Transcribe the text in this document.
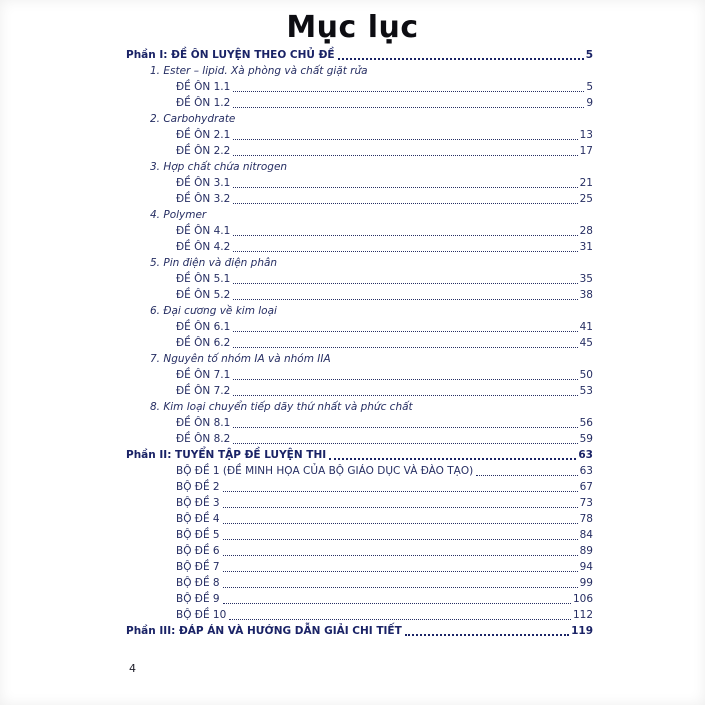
Mục lục
Phần I: ĐỀ ÔN LUYỆN THEO CHỦ ĐỀ	5
1. Ester – lipid. Xà phòng và chất giặt rửa
ĐỀ ÔN 1.1	5
ĐỀ ÔN 1.2	9
2. Carbohydrate
ĐỀ ÔN 2.1	13
ĐỀ ÔN 2.2	17
3. Hợp chất chứa nitrogen
ĐỀ ÔN 3.1	21
ĐỀ ÔN 3.2	25
4. Polymer
ĐỀ ÔN 4.1	28
ĐỀ ÔN 4.2	31
5. Pin điện và điện phân
ĐỀ ÔN 5.1	35
ĐỀ ÔN 5.2	38
6. Đại cương về kim loại
ĐỀ ÔN 6.1	41
ĐỀ ÔN 6.2	45
7. Nguyên tố nhóm IA và nhóm IIA
ĐỀ ÔN 7.1	50
ĐỀ ÔN 7.2	53
8. Kim loại chuyển tiếp dãy thứ nhất và phức chất
ĐỀ ÔN 8.1	56
ĐỀ ÔN 8.2	59
Phần II: TUYỂN TẬP ĐỀ LUYỆN THI	63
BỘ ĐỀ 1 (ĐỀ MINH HỌA CỦA BỘ GIÁO DỤC VÀ ĐÀO TẠO)	63
BỘ ĐỀ 2	67
BỘ ĐỀ 3	73
BỘ ĐỀ 4	78
BỘ ĐỀ 5	84
BỘ ĐỀ 6	89
BỘ ĐỀ 7	94
BỘ ĐỀ 8	99
BỘ ĐỀ 9	106
BỘ ĐỀ 10	112
Phần III: ĐÁP ÁN VÀ HƯỚNG DẪN GIẢI CHI TIẾT	119
4
